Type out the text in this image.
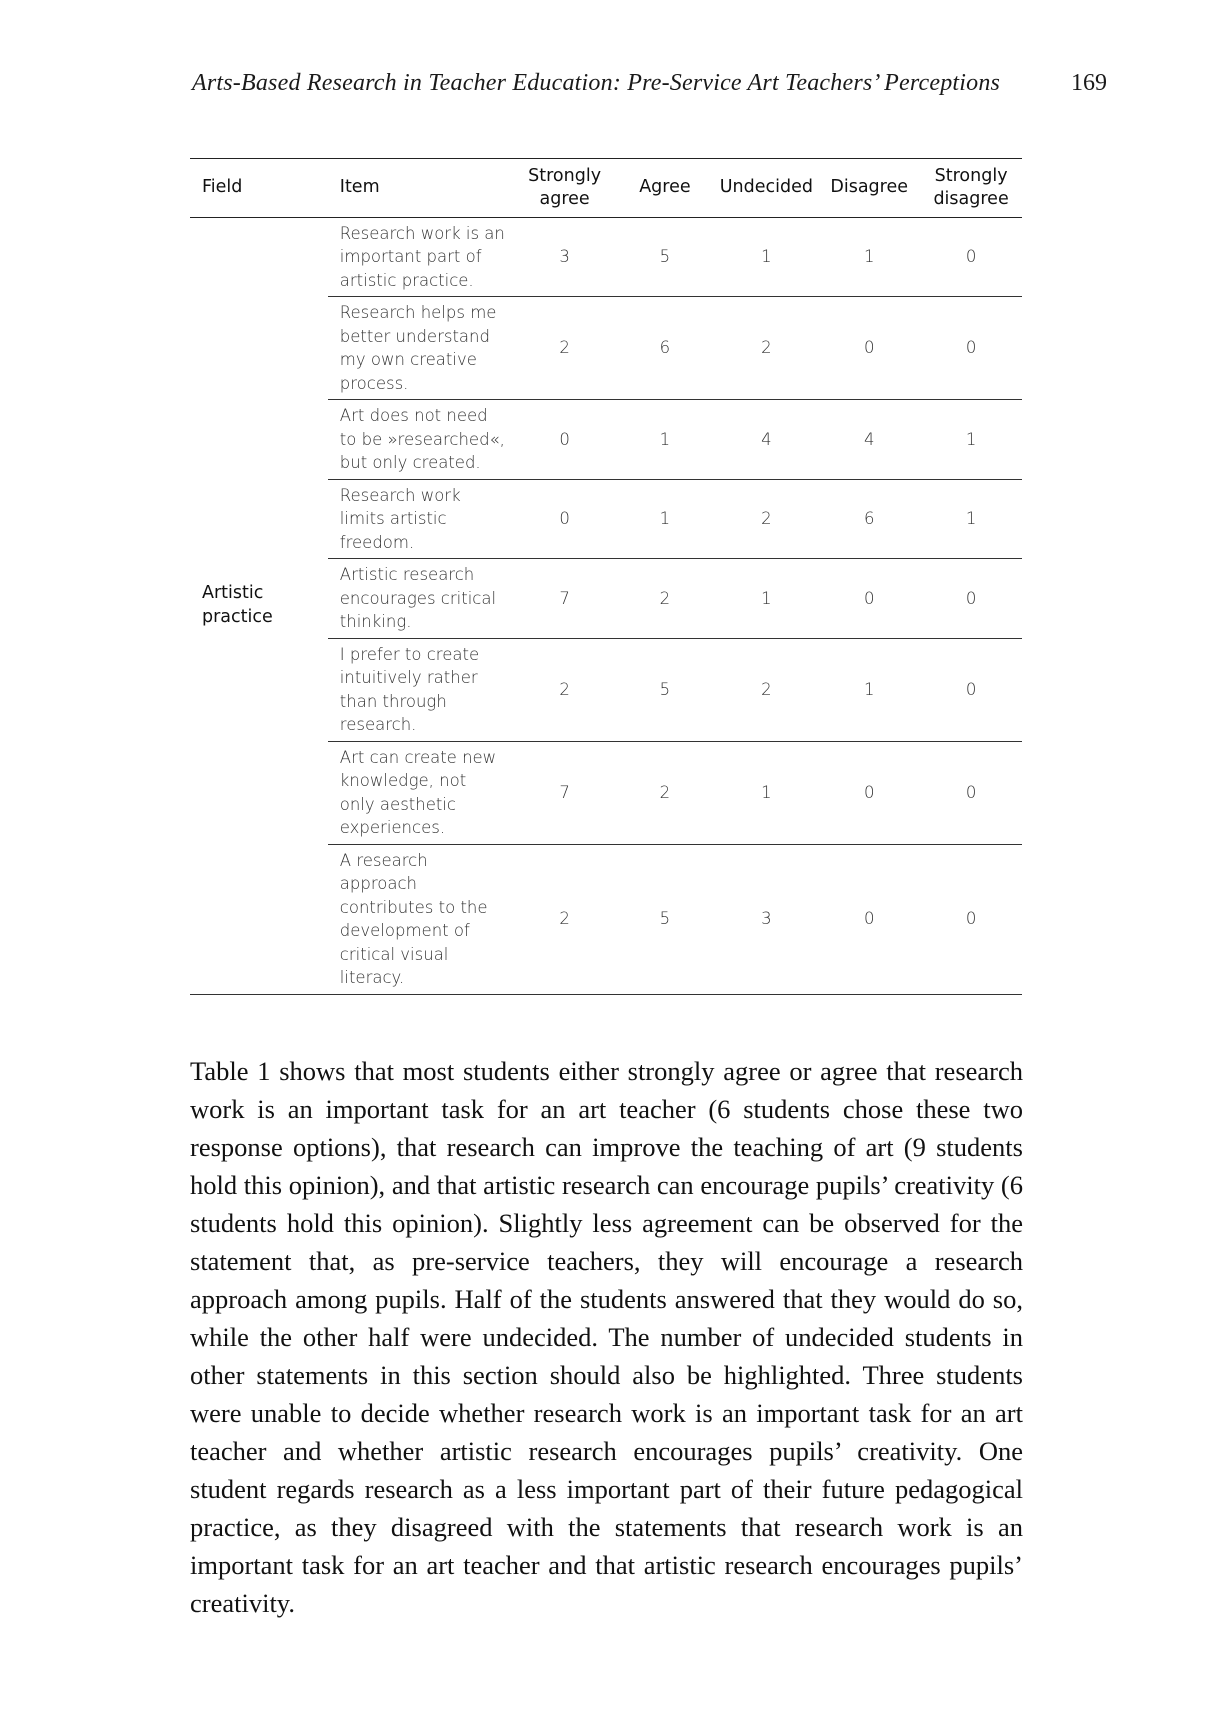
Arts-Based Research in Teacher Education: Pre-Service Art Teachers’ Perceptions	169
Field	Item	Strongly agree	Agree	Undecided	Disagree	Strongly disagree
Artistic practice	Research work is an important part of artistic practice.	3	5	1	1	0
	Research helps me better understand my own creative process.	2	6	2	0	0
	Art does not need to be »researched«, but only created.	0	1	4	4	1
	Research work limits artistic freedom.	0	1	2	6	1
	Artistic research encourages critical thinking.	7	2	1	0	0
	I prefer to create intuitively rather than through research.	2	5	2	1	0
	Art can create new knowledge, not only aesthetic experiences.	7	2	1	0	0
	A research approach contributes to the development of critical visual literacy.	2	5	3	0	0

Table 1 shows that most students either strongly agree or agree that research work is an important task for an art teacher (6 students chose these two response options), that research can improve the teaching of art (9 students hold this opinion), and that artistic research can encourage pupils’ creativity (6 students hold this opinion). Slightly less agreement can be observed for the statement that, as pre-service teachers, they will encourage a research approach among pupils. Half of the students answered that they would do so, while the other half were undecided. The number of undecided students in other statements in this section should also be highlighted. Three students were unable to decide whether research work is an important task for an art teacher and whether artistic research encourages pupils’ creativity. One student regards research as a less important part of their future pedagogical practice, as they disagreed with the statements that research work is an important task for an art teacher and that artistic research encourages pupils’ creativity.
